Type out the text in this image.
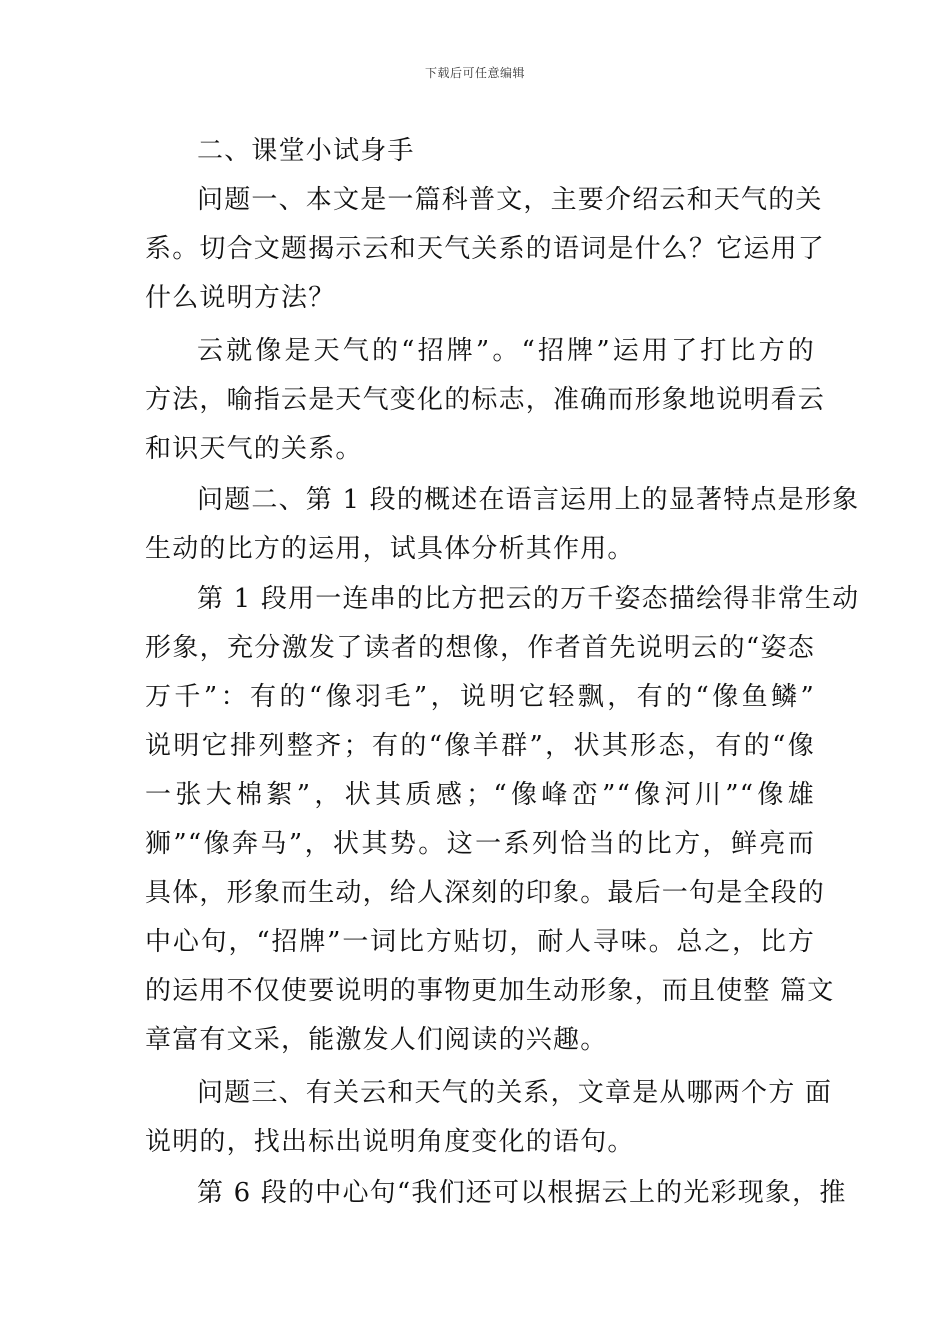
下载后可任意编辑
二、课堂小试身手
问题一、本文是一篇科普文，主要介绍云和天气的关
系。切合文题揭示云和天气关系的语词是什么？它运用了
什么说明方法？
云就像是天气的“招牌”。“招牌”运用了打比方的
方法，喻指云是天气变化的标志，准确而形象地说明看云
和识天气的关系。
问题二、第 1 段的概述在语言运用上的显著特点是形象
生动的比方的运用，试具体分析其作用。
第 1 段用一连串的比方把云的万千姿态描绘得非常生动
形象，充分激发了读者的想像，作者首先说明云的“姿态
万千”：有的“像羽毛”，说明它轻飘，有的“像鱼鳞”
说明它排列整齐；有的“像羊群”，状其形态，有的“像
一张大棉絮”，状其质感；“像峰峦”“像河川”“像雄
狮”“像奔马”，状其势。这一系列恰当的比方，鲜亮而
具体，形象而生动，给人深刻的印象。最后一句是全段的
中心句，“招牌”一词比方贴切，耐人寻味。总之，比方
的运用不仅使要说明的事物更加生动形象，而且使整 篇文
章富有文采，能激发人们阅读的兴趣。
问题三、有关云和天气的关系，文章是从哪两个方 面
说明的，找出标出说明角度变化的语句。
第 6 段的中心句“我们还可以根据云上的光彩现象，推
